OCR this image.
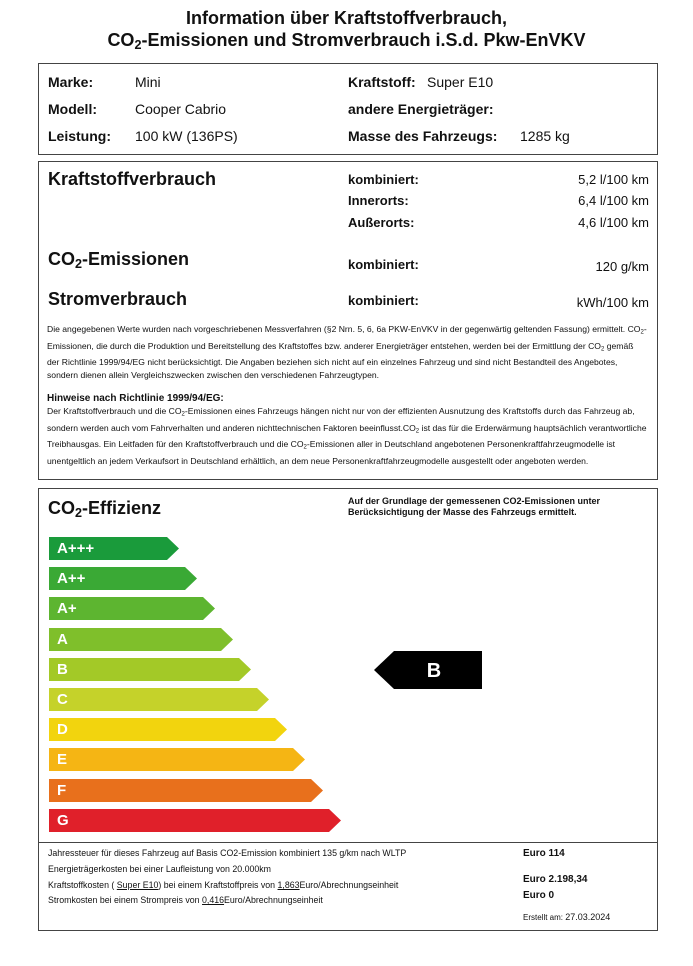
Information über Kraftstoffverbrauch,
$CO_2$-Emissionen und Stromverbrauch i.S.d. Pkw-EnVKV
Marke:	Mini
Modell:	Cooper Cabrio
Leistung: 100 kW (136PS)
Kraftstoff: Super E10
andere Energieträger:
Masse des Fahrzeugs: 1285 kg
Kraftstoffverbrauch	kombiniert:	5,2 l/100 km
Innerorts:	6,4 l/100 km
Außerorts:	4,6 l/100 km
$CO_2$-Emissionen	kombiniert:	120 g/km
Stromverbrauch	kombiniert:	kWh/100 km
Die angegebenen Werte wurden nach vorgeschriebenen Messverfahren (§2 Nrn. 5, 6, 6a PKW-EnVKV in der gegenwärtig geltenden Fassung) ermittelt. $CO_2$-Emissionen, die durch die Produktion und Bereitstellung des Kraftstoffes bzw. anderer Energieträger entstehen, werden bei der Ermittlung der $CO_2$ gemäß der Richtlinie 1999/94/EG nicht berücksichtigt. Die Angaben beziehen sich nicht auf ein einzelnes Fahrzeug und sind nicht Bestandteil des Angebotes, sondern dienen allein Vergleichszwecken zwischen den verschiedenen Fahrzeugtypen.
Hinweise nach Richtlinie 1999/94/EG:
Der Kraftstoffverbrauch und die $CO_2$-Emissionen eines Fahrzeugs hängen nicht nur von der effizienten Ausnutzung des Kraftstoffs durch das Fahrzeug ab, sondern werden auch vom Fahrverhalten und anderen nichttechnischen Faktoren $beeinflusst.CO_2$ ist das für die Erderwärmung hauptsächlich verantwortliche Treibhausgas. Ein Leitfaden für den Kraftstoffverbrauch und die $CO_2$-Emissionen aller in Deutschland angebotenen Personenkraftfahrzeugmodelle ist unentgeltlich an jedem Verkaufsort in Deutschland erhältlich, an dem neue Personenkraftfahrzeugmodelle ausgestellt oder angeboten werden.
$CO_2$-Effizienz	Auf der Grundlage der gemessenen CO2-Emissionen unter
Berücksichtigung der Masse des Fahrzeugs ermittelt.
A+++
A++
A+
A
B
C
D
E
F
G
B
Jahressteuer für dieses Fahrzeug auf Basis CO2-Emission kombiniert 135 g/km nach WLTP	Euro 114
Energieträgerkosten bei einer Laufleistung von 20.000km
Kraftstoffkosten ( Super E10) bei einem Kraftstoffpreis von 1,863Euro/Abrechnungseinheit	Euro 2.198,34
Stromkosten bei einem Strompreis von 0,416Euro/Abrechnungseinheit	Euro 0
Erstellt am: 27.03.2024
